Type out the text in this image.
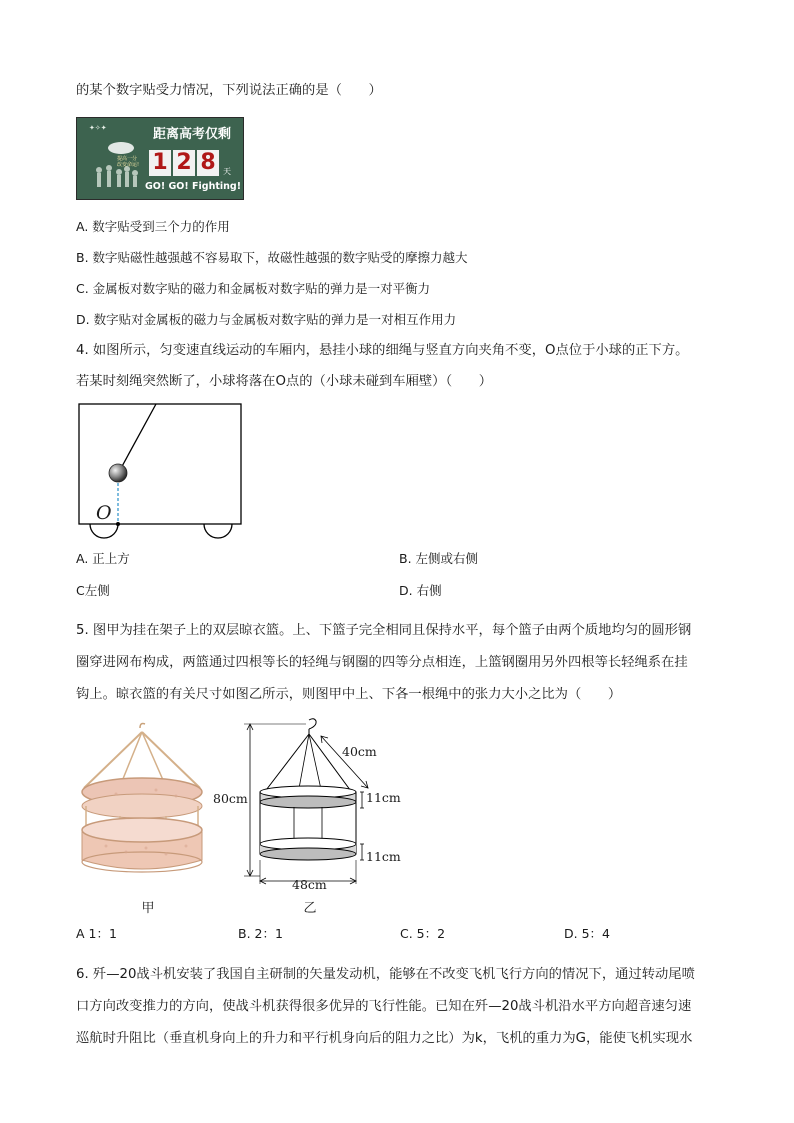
的某个数字贴受力情况，下列说法正确的是（　　）
✦✧✦	距离高考仅剩
1 2 8 天
GO! GO! Fighting!
提高一分
改变命运!
A. 数字贴受到三个力的作用
B. 数字贴磁性越强越不容易取下，故磁性越强的数字贴受的摩擦力越大
C. 金属板对数字贴的磁力和金属板对数字贴的弹力是一对平衡力
D. 数字贴对金属板的磁力与金属板对数字贴的弹力是一对相互作用力
4. 如图所示，匀变速直线运动的车厢内，悬挂小球的细绳与竖直方向夹角不变，O点位于小球的正下方。
若某时刻绳突然断了，小球将落在O点的（小球未碰到车厢壁）（　　）
O
A. 正上方	B. 左侧或右侧
C左侧	D. 右侧
5. 图甲为挂在架子上的双层晾衣篮。上、下篮子完全相同且保持水平，每个篮子由两个质地均匀的圆形钢
圈穿进网布构成，两篮通过四根等长的轻绳与钢圈的四等分点相连，上篮钢圈用另外四根等长轻绳系在挂
钩上。晾衣篮的有关尺寸如图乙所示，则图甲中上、下各一根绳中的张力大小之比为（　　）
甲
80cm
40cm
11cm
11cm
48cm
乙
A 1：1	B. 2：1	C. 5：2	D. 5：4
6. 歼—20战斗机安装了我国自主研制的矢量发动机，能够在不改变飞机飞行方向的情况下，通过转动尾喷
口方向改变推力的方向，使战斗机获得很多优异的飞行性能。已知在歼—20战斗机沿水平方向超音速匀速
巡航时升阻比（垂直机身向上的升力和平行机身向后的阻力之比）为k，飞机的重力为G，能使飞机实现水
